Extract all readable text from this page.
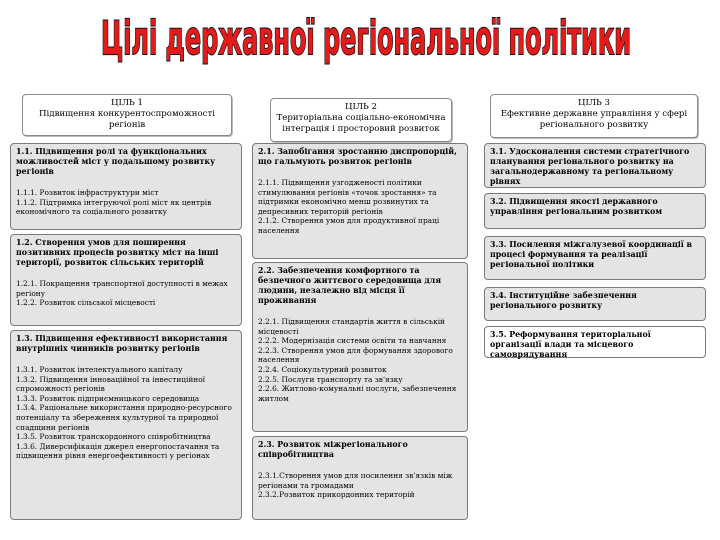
Цілі державної регіональної політики
ЦІЛЬ 1
Підвищення конкурентоспроможності регіонів
ЦІЛЬ 2
Територіальна соціально-економічна інтеграція і просторовий розвиток
ЦІЛЬ 3
Ефективне державне управління у сфері регіонального розвитку
1.1. Підвищення ролі та функціональних можливостей міст у подальшому розвитку регіонів
1.1.1. Розвиток інфраструктури міст
1.1.2. Підтримка інтегруючої ролі міст як центрів економічного та соціального розвитку
1.2. Створення умов для поширення позитивних процесів розвитку міст на інші території, розвиток сільських територій
1.2.1. Покращення транспортної доступності в межах регіону
1.2.2. Розвиток сільської місцевості
1.3. Підвищення ефективності використання внутрішніх чинників розвитку регіонів
1.3.1. Розвиток інтелектуального капіталу
1.3.2. Підвищення інноваційної та інвестиційної спроможності регіонів
1.3.3. Розвиток підприємницького середовища
1.3.4. Раціональне використання природно-ресурсного потенціалу та збереження культурної та природної спадщини регіонів
1.3.5. Розвиток транскордонного співробітництва
1.3.6. Диверсифікація джерел енергопостачання та підвищення рівня енергоефективності у регіонах
2.1. Запобігання зростанню диспропорцій, що гальмують розвиток регіонів
2.1.1. Підвищення узгодженості політики стимулювання регіонів «точок зростання» та підтримки економічно менш розвинутих та депресивних територій регіонів
2.1.2. Створення умов для продуктивної праці населення
2.2. Забезпечення комфортного та безпечного життєвого середовища для людини, незалежно від місця її проживання
2.2.1. Підвищення стандартів життя в сільській місцевості
2.2.2. Модернізація системи освіти та навчання
2.2.3. Створення умов для формування здорового населення
2.2.4. Соціокультурний розвиток
2.2.5. Послуги транспорту та зв'язку
2.2.6. Житлово-комунальні послуги, забезпечення житлом
2.3. Розвиток міжрегіонального співробітництва
2.3.1.Створення умов для посилення зв'язків між регіонами та громадами
2.3.2.Розвиток прикордонних територій
3.1. Удосконалення системи стратегічного планування регіонального розвитку на загальнодержавному та регіональному рівнях
3.2. Підвищення якості державного управління регіональним розвитком
3.3. Посилення міжгалузевої координації в процесі формування та реалізації регіональної політики
3.4. Інституційне забезпечення регіонального розвитку
3.5. Реформування територіальної організації влади та місцевого самоврядування
